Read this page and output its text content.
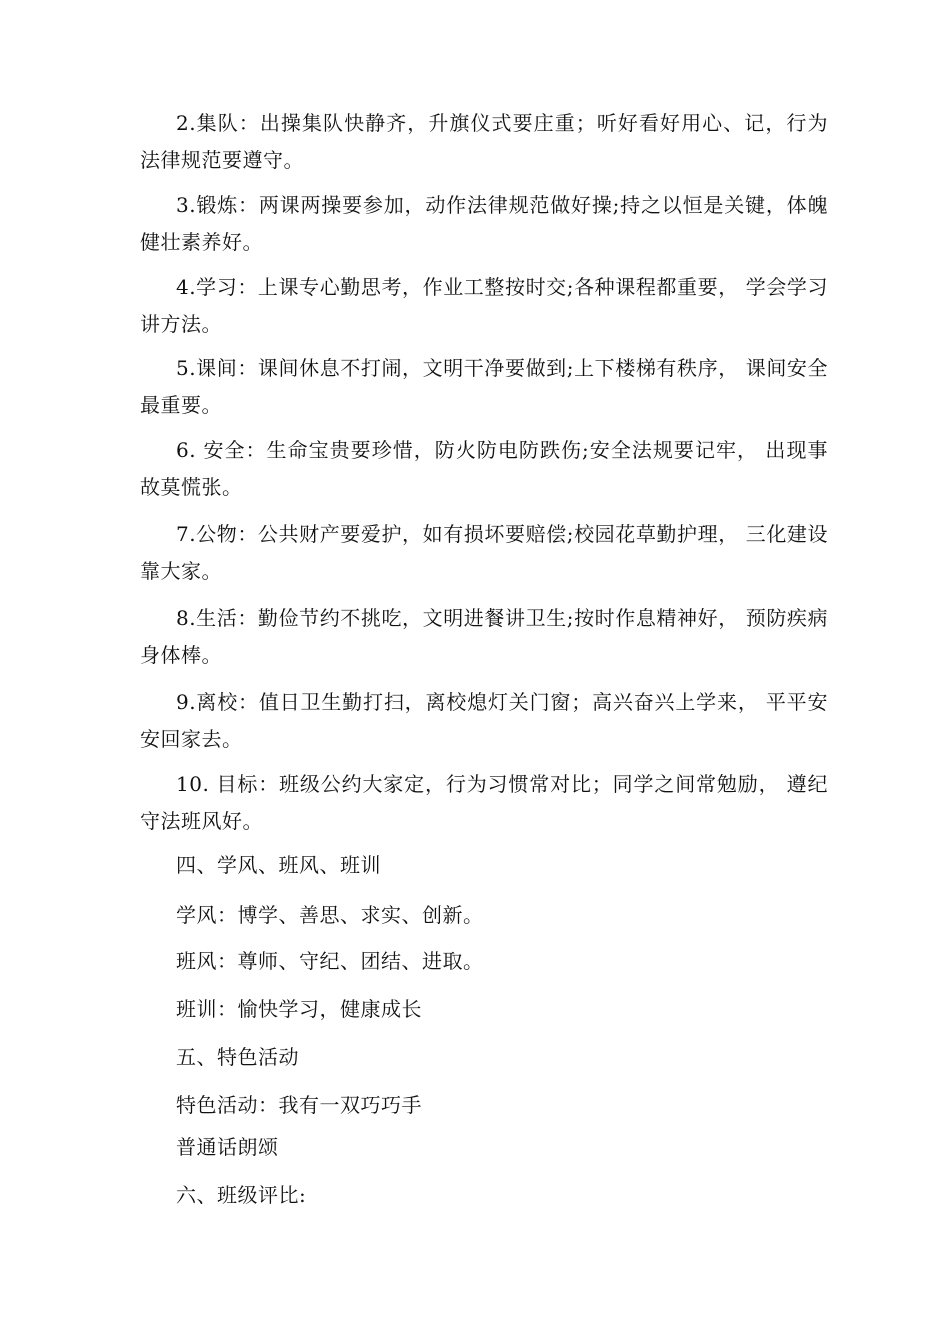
2.集队：出操集队快静齐，升旗仪式要庄重；听好看好用心、记，行为法律规范要遵守。

3.锻炼：两课两操要参加，动作法律规范做好操;持之以恒是关键，体魄健壮素养好。

4.学习：上课专心勤思考，作业工整按时交;各种课程都重要， 学会学习讲方法。

5.课间：课间休息不打闹，文明干净要做到;上下楼梯有秩序， 课间安全最重要。

6. 安全：生命宝贵要珍惜，防火防电防跌伤;安全法规要记牢， 出现事故莫慌张。

7.公物：公共财产要爱护，如有损坏要赔偿;校园花草勤护理， 三化建设靠大家。

8.生活：勤俭节约不挑吃，文明进餐讲卫生;按时作息精神好， 预防疾病身体棒。

9.离校：值日卫生勤打扫，离校熄灯关门窗；高兴奋兴上学来， 平平安安回家去。

10. 目标：班级公约大家定，行为习惯常对比；同学之间常勉励， 遵纪守法班风好。

四、学风、班风、班训

学风：博学、善思、求实、创新。

班风：尊师、守纪、团结、进取。

班训：愉快学习，健康成长

五、特色活动

特色活动：我有一双巧巧手

普通话朗颂

六、班级评比:
